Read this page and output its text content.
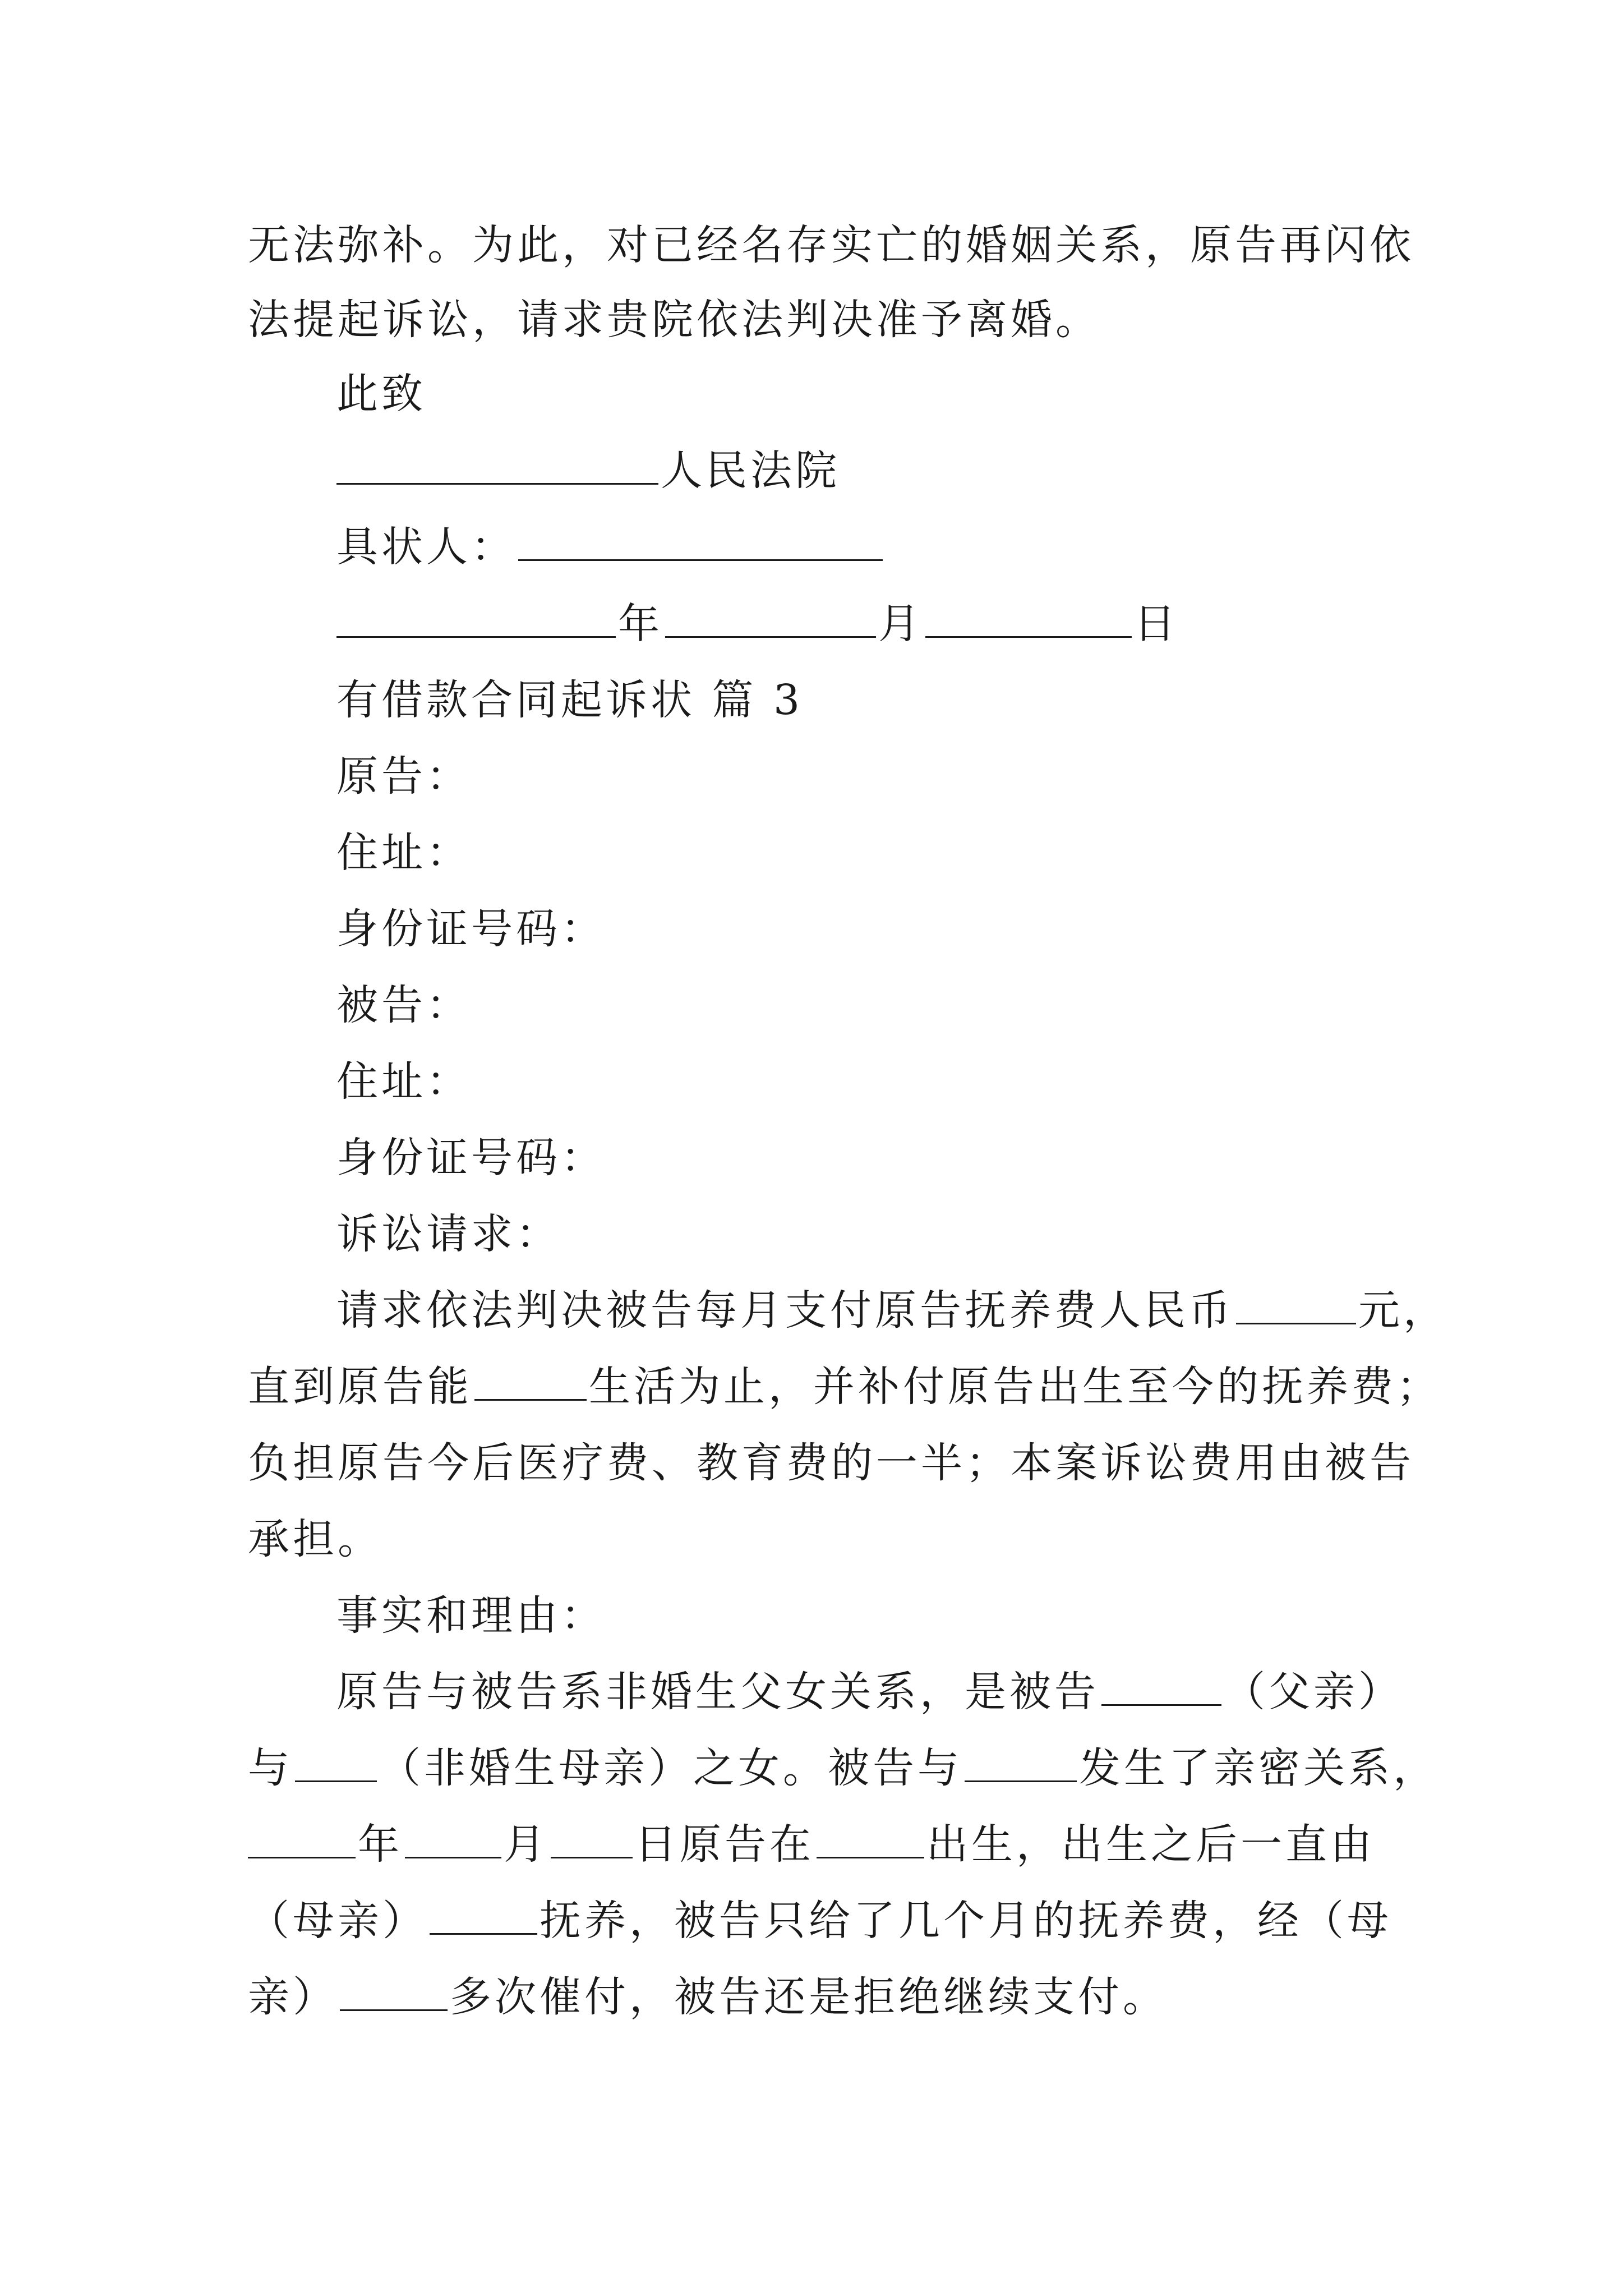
无法弥补。为此，对已经名存实亡的婚姻关系，原告再闪依
法提起诉讼，请求贵院依法判决准予离婚。
此致
人民法院
具状人：
年	月	日
有借款合同起诉状 篇 3
原告：
住址：
身份证号码：
被告：
住址：
身份证号码：
诉讼请求：
请求依法判决被告每月支付原告抚养费人民币	元，
直到原告能	生活为止，并补付原告出生至今的抚养费；
负担原告今后医疗费、教育费的一半；本案诉讼费用由被告
承担。
事实和理由：
原告与被告系非婚生父女关系，是被告	（父亲）
与 （非婚生母亲）之女。被告与	发生了亲密关系，
年 月 日原告在	出生，出生之后一直由
（母亲）	抚养，被告只给了几个月的抚养费，经（母
亲）	多次催付，被告还是拒绝继续支付。
